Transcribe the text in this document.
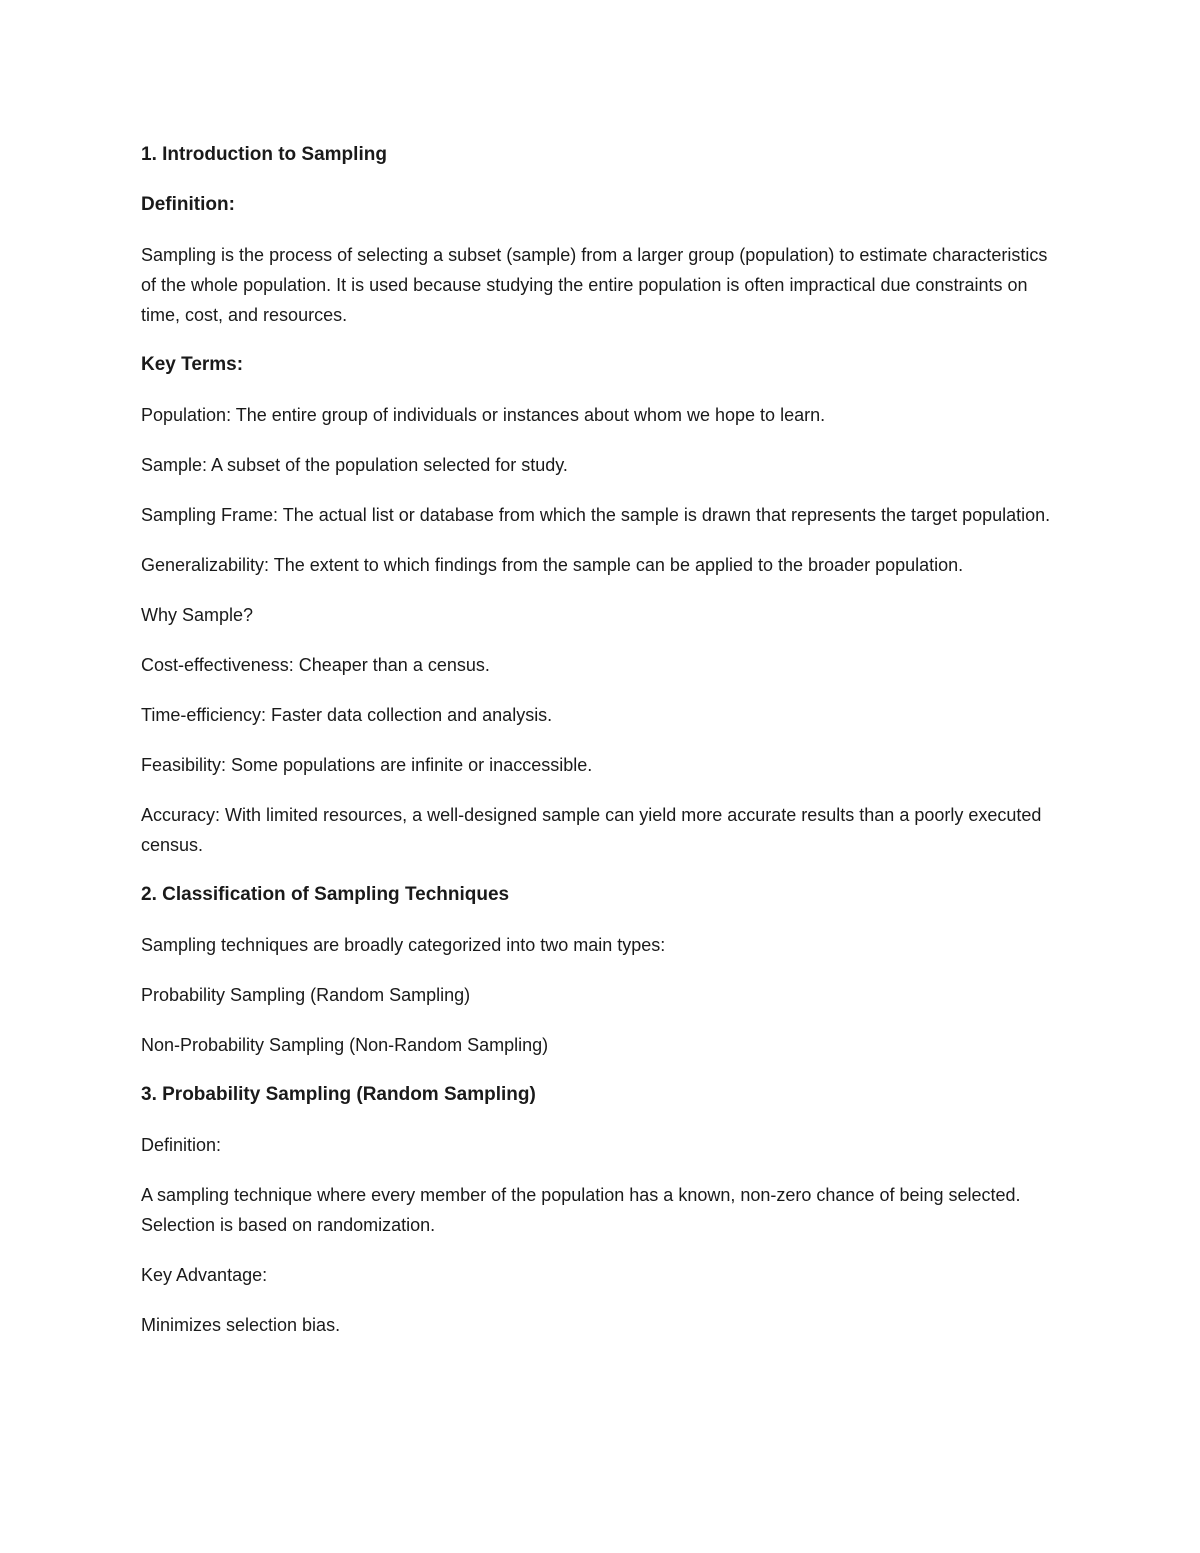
1. Introduction to Sampling

Definition:

Sampling is the process of selecting a subset (sample) from a larger group (population) to estimate characteristics of the whole population. It is used because studying the entire population is often impractical due constraints on time, cost, and resources.

Key Terms:

Population: The entire group of individuals or instances about whom we hope to learn.

Sample: A subset of the population selected for study.

Sampling Frame: The actual list or database from which the sample is drawn that represents the target population.

Generalizability: The extent to which findings from the sample can be applied to the broader population.

Why Sample?

Cost-effectiveness: Cheaper than a census.

Time-efficiency: Faster data collection and analysis.

Feasibility: Some populations are infinite or inaccessible.

Accuracy: With limited resources, a well-designed sample can yield more accurate results than a poorly executed census.

2. Classification of Sampling Techniques

Sampling techniques are broadly categorized into two main types:

Probability Sampling (Random Sampling)

Non-Probability Sampling (Non-Random Sampling)

3. Probability Sampling (Random Sampling)

Definition:

A sampling technique where every member of the population has a known, non-zero chance of being selected. Selection is based on randomization.

Key Advantage:

Minimizes selection bias.
